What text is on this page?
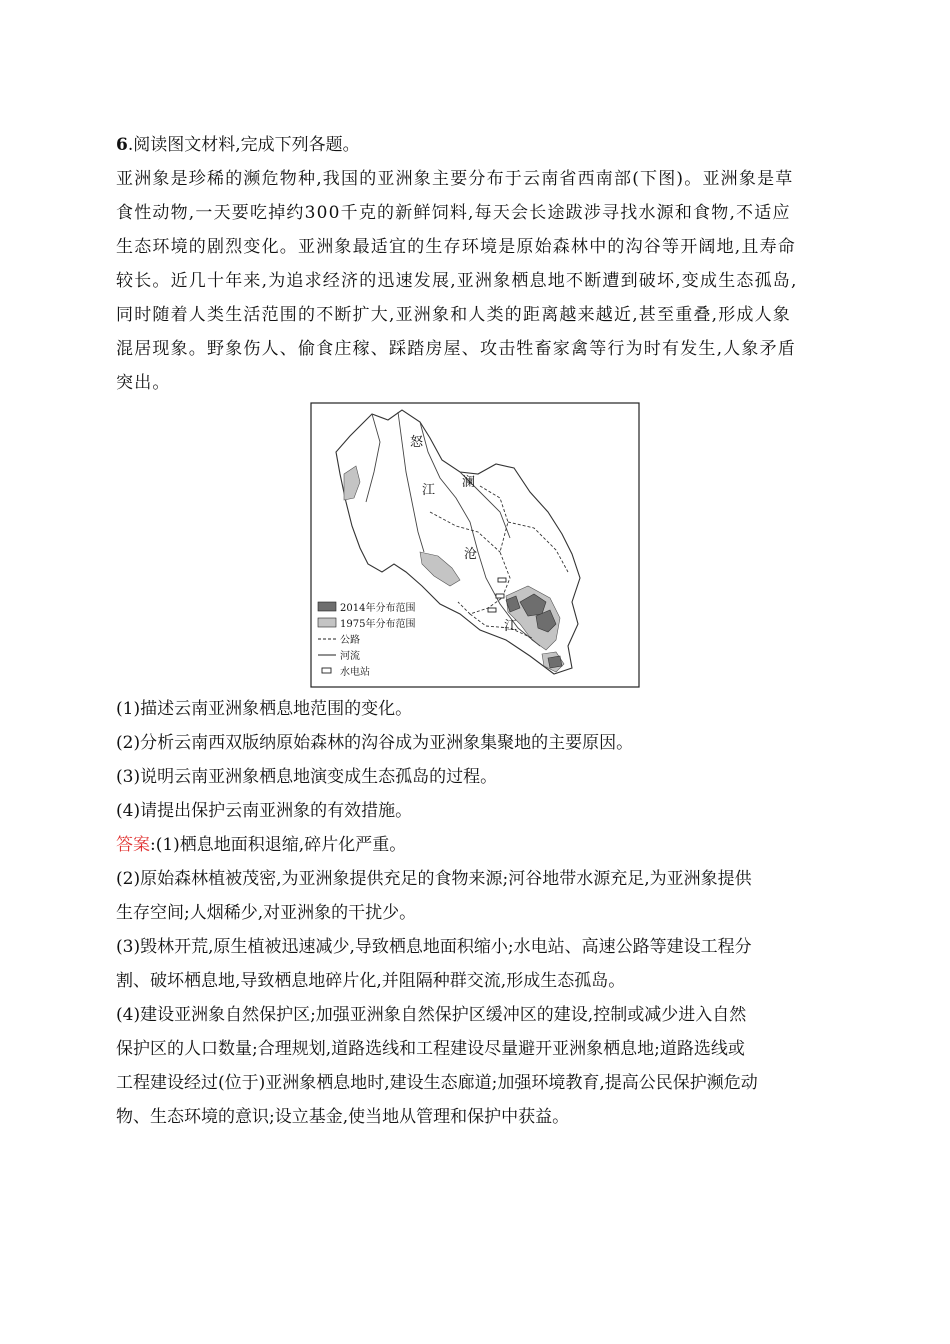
6.阅读图文材料,完成下列各题。

亚洲象是珍稀的濒危物种,我国的亚洲象主要分布于云南省西南部(下图)。亚洲象是草

食性动物,一天要吃掉约300千克的新鲜饲料,每天会长途跋涉寻找水源和食物,不适应

生态环境的剧烈变化。亚洲象最适宜的生存环境是原始森林中的沟谷等开阔地,且寿命

较长。近几十年来,为追求经济的迅速发展,亚洲象栖息地不断遭到破坏,变成生态孤岛,

同时随着人类生活范围的不断扩大,亚洲象和人类的距离越来越近,甚至重叠,形成人象

混居现象。野象伤人、偷食庄稼、踩踏房屋、攻击牲畜家禽等行为时有发生,人象矛盾

突出。

怒
江
澜
沧
江
2014年分布范围
1975年分布范围
公路
河流
水电站

(1)描述云南亚洲象栖息地范围的变化。

(2)分析云南西双版纳原始森林的沟谷成为亚洲象集聚地的主要原因。

(3)说明云南亚洲象栖息地演变成生态孤岛的过程。

(4)请提出保护云南亚洲象的有效措施。

答案:(1)栖息地面积退缩,碎片化严重。

(2)原始森林植被茂密,为亚洲象提供充足的食物来源;河谷地带水源充足,为亚洲象提供

生存空间;人烟稀少,对亚洲象的干扰少。

(3)毁林开荒,原生植被迅速减少,导致栖息地面积缩小;水电站、高速公路等建设工程分

割、破坏栖息地,导致栖息地碎片化,并阻隔种群交流,形成生态孤岛。

(4)建设亚洲象自然保护区;加强亚洲象自然保护区缓冲区的建设,控制或减少进入自然

保护区的人口数量;合理规划,道路选线和工程建设尽量避开亚洲象栖息地;道路选线或

工程建设经过(位于)亚洲象栖息地时,建设生态廊道;加强环境教育,提高公民保护濒危动

物、生态环境的意识;设立基金,使当地从管理和保护中获益。
